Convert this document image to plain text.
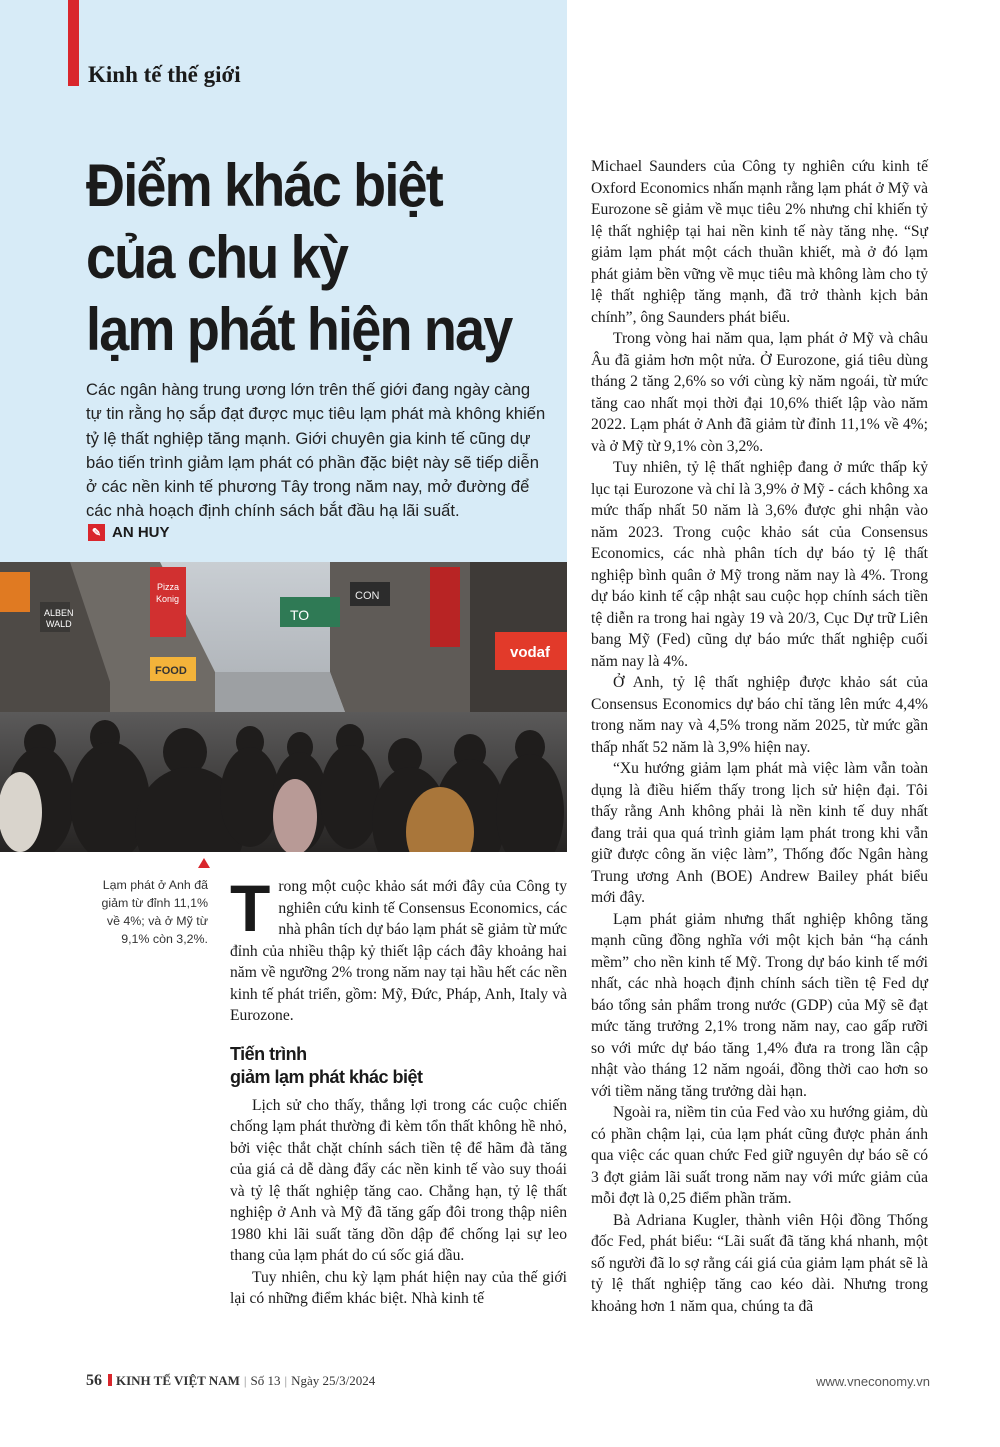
Kinh tế thế giới
Điểm khác biệt
của chu kỳ
lạm phát hiện nay
Các ngân hàng trung ương lớn trên thế giới đang ngày càng tự tin rằng họ sắp đạt được mục tiêu lạm phát mà không khiến tỷ lệ thất nghiệp tăng mạnh. Giới chuyên gia kinh tế cũng dự báo tiến trình giảm lạm phát có phần đặc biệt này sẽ tiếp diễn ở các nền kinh tế phương Tây trong năm nay, mở đường để các nhà hoạch định chính sách bắt đầu hạ lãi suất.
✎ AN HUY
Pizza
Konig
ALBEN
WALD
vodaf
TO
CON
FOOD
Lạm phát ở Anh đã giảm từ đỉnh 11,1% về 4%; và ở Mỹ từ 9,1% còn 3,2%. Trong một cuộc khảo sát mới đây của Công ty nghiên cứu kinh tế Consensus Economics, các nhà phân tích dự báo lạm phát sẽ giảm từ mức đỉnh của nhiều thập kỷ thiết lập cách đây khoảng hai năm về ngưỡng 2% trong năm nay tại hầu hết các nền kinh tế phát triển, gồm: Mỹ, Đức, Pháp, Anh, Italy và Eurozone.

Tiến trình
giảm lạm phát khác biệt

Lịch sử cho thấy, thắng lợi trong các cuộc chiến chống lạm phát thường đi kèm tổn thất không hề nhỏ, bởi việc thắt chặt chính sách tiền tệ để hãm đà tăng của giá cả dễ dàng đẩy các nền kinh tế vào suy thoái và tỷ lệ thất nghiệp tăng cao. Chẳng hạn, tỷ lệ thất nghiệp ở Anh và Mỹ đã tăng gấp đôi trong thập niên 1980 khi lãi suất tăng dồn dập để chống lại sự leo thang của lạm phát do cú sốc giá dầu.

Tuy nhiên, chu kỳ lạm phát hiện nay của thế giới lại có những điểm khác biệt. Nhà kinh tế

Michael Saunders của Công ty nghiên cứu kinh tế Oxford Economics nhấn mạnh rằng lạm phát ở Mỹ và Eurozone sẽ giảm về mục tiêu 2% nhưng chỉ khiến tỷ lệ thất nghiệp tại hai nền kinh tế này tăng nhẹ. “Sự giảm lạm phát một cách thuần khiết, mà ở đó lạm phát giảm bền vững về mục tiêu mà không làm cho tỷ lệ thất nghiệp tăng mạnh, đã trở thành kịch bản chính”, ông Saunders phát biểu.

Trong vòng hai năm qua, lạm phát ở Mỹ và châu Âu đã giảm hơn một nửa. Ở Eurozone, giá tiêu dùng tháng 2 tăng 2,6% so với cùng kỳ năm ngoái, từ mức tăng cao nhất mọi thời đại 10,6% thiết lập vào năm 2022. Lạm phát ở Anh đã giảm từ đỉnh 11,1% về 4%; và ở Mỹ từ 9,1% còn 3,2%.

Tuy nhiên, tỷ lệ thất nghiệp đang ở mức thấp kỷ lục tại Eurozone và chỉ là 3,9% ở Mỹ - cách không xa mức thấp nhất 50 năm là 3,6% được ghi nhận vào năm 2023. Trong cuộc khảo sát của Consensus Economics, các nhà phân tích dự báo tỷ lệ thất nghiệp bình quân ở Mỹ trong năm nay là 4%. Trong dự báo kinh tế cập nhật sau cuộc họp chính sách tiền tệ diễn ra trong hai ngày 19 và 20/3, Cục Dự trữ Liên bang Mỹ (Fed) cũng dự báo mức thất nghiệp cuối năm nay là 4%.

Ở Anh, tỷ lệ thất nghiệp được khảo sát của Consensus Economics dự báo chỉ tăng lên mức 4,4% trong năm nay và 4,5% trong năm 2025, từ mức gần thấp nhất 52 năm là 3,9% hiện nay.

“Xu hướng giảm lạm phát mà việc làm vẫn toàn dụng là điều hiếm thấy trong lịch sử hiện đại. Tôi thấy rằng Anh không phải là nền kinh tế duy nhất đang trải qua quá trình giảm lạm phát trong khi vẫn giữ được công ăn việc làm”, Thống đốc Ngân hàng Trung ương Anh (BOE) Andrew Bailey phát biểu mới đây.

Lạm phát giảm nhưng thất nghiệp không tăng mạnh cũng đồng nghĩa với một kịch bản “hạ cánh mềm” cho nền kinh tế Mỹ. Trong dự báo kinh tế mới nhất, các nhà hoạch định chính sách tiền tệ Fed dự báo tổng sản phẩm trong nước (GDP) của Mỹ sẽ đạt mức tăng trưởng 2,1% trong năm nay, cao gấp rưỡi so với mức dự báo tăng 1,4% đưa ra trong lần cập nhật vào tháng 12 năm ngoái, đồng thời cao hơn so với tiềm năng tăng trưởng dài hạn.

Ngoài ra, niềm tin của Fed vào xu hướng giảm, dù có phần chậm lại, của lạm phát cũng được phản ánh qua việc các quan chức Fed giữ nguyên dự báo sẽ có 3 đợt giảm lãi suất trong năm nay với mức giảm của mỗi đợt là 0,25 điểm phần trăm.

Bà Adriana Kugler, thành viên Hội đồng Thống đốc Fed, phát biểu: “Lãi suất đã tăng khá nhanh, một số người đã lo sợ rằng cái giá của giảm lạm phát sẽ là tỷ lệ thất nghiệp tăng cao kéo dài. Nhưng trong khoảng hơn 1 năm qua, chúng ta đã

56 KINH TẾ VIỆT NAM | Số 13 | Ngày 25/3/2024	www.vneconomy.vn
